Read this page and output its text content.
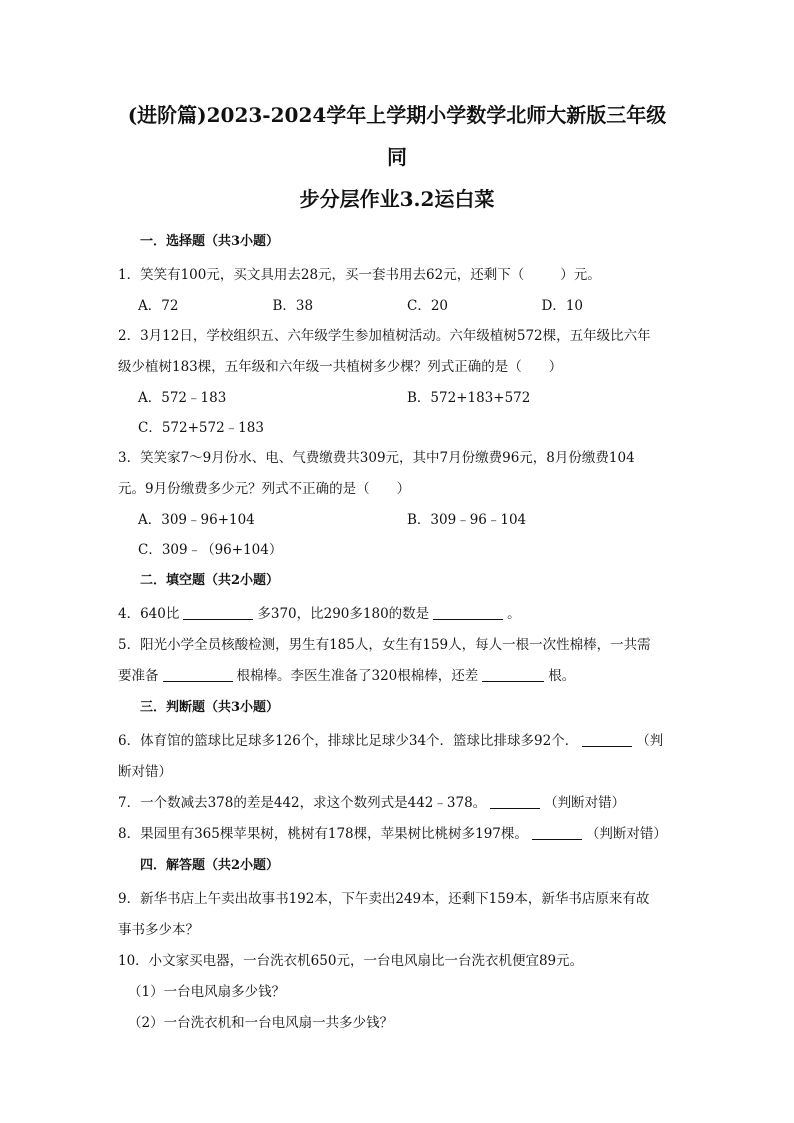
(进阶篇)2023-2024学年上学期小学数学北师大新版三年级同
步分层作业3.2运白菜
一．选择题（共3小题）
1．笑笑有100元，买文具用去28元，买一套书用去62元，还剩下（	）元。
A．72	B．38	C．20	D．10
2．3月12日，学校组织五、六年级学生参加植树活动。六年级植树572棵，五年级比六年
级少植树183棵，五年级和六年级一共植树多少棵？列式正确的是（　　）
A．572﹣183	B．572+183+572
C．572+572﹣183
3．笑笑家7～9月份水、电、气费缴费共309元，其中7月份缴费96元，8月份缴费104
元。9月份缴费多少元？列式不正确的是（　　）
A．309﹣96+104	B．309﹣96﹣104
C．309﹣（96+104）
二．填空题（共2小题）
4．640比	多370，比290多180的数是	。
5．阳光小学全员核酸检测，男生有185人，女生有159人，每人一根一次性棉棒，一共需
要准备	根棉棒。李医生准备了320根棉棒，还差	根。
三．判断题（共3小题）
6．体育馆的篮球比足球多126个，排球比足球少34个．篮球比排球多92个．	（判
断对错）
7．一个数减去378的差是442，求这个数列式是442﹣378。	（判断对错）
8．果园里有365棵苹果树，桃树有178棵，苹果树比桃树多197棵。	（判断对错）
四．解答题（共2小题）
9．新华书店上午卖出故事书192本，下午卖出249本，还剩下159本，新华书店原来有故
事书多少本？
10．小文家买电器，一台洗衣机650元，一台电风扇比一台洗衣机便宜89元。
（1）一台电风扇多少钱？
（2）一台洗衣机和一台电风扇一共多少钱？
